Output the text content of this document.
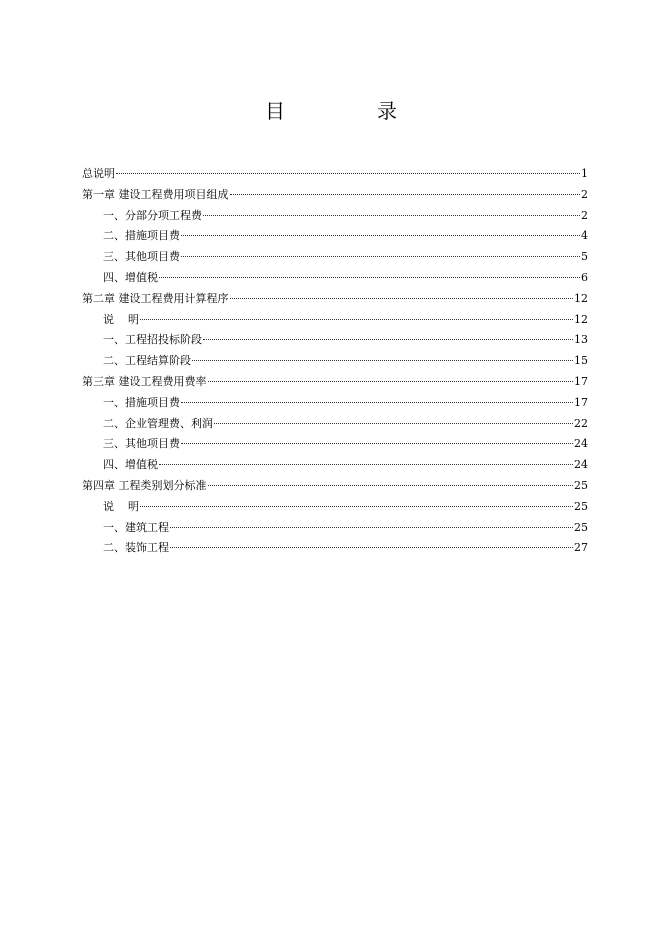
目　录
总说明	1
第一章 建设工程费用项目组成	2
一、分部分项工程费	2
二、措施项目费	4
三、其他项目费	5
四、增值税	6
第二章 建设工程费用计算程序	12
说    明	12
一、工程招投标阶段	13
二、工程结算阶段	15
第三章 建设工程费用费率	17
一、措施项目费	17
二、企业管理费、利润	22
三、其他项目费	24
四、增值税	24
第四章 工程类别划分标准	25
说    明	25
一、建筑工程	25
二、装饰工程	27
